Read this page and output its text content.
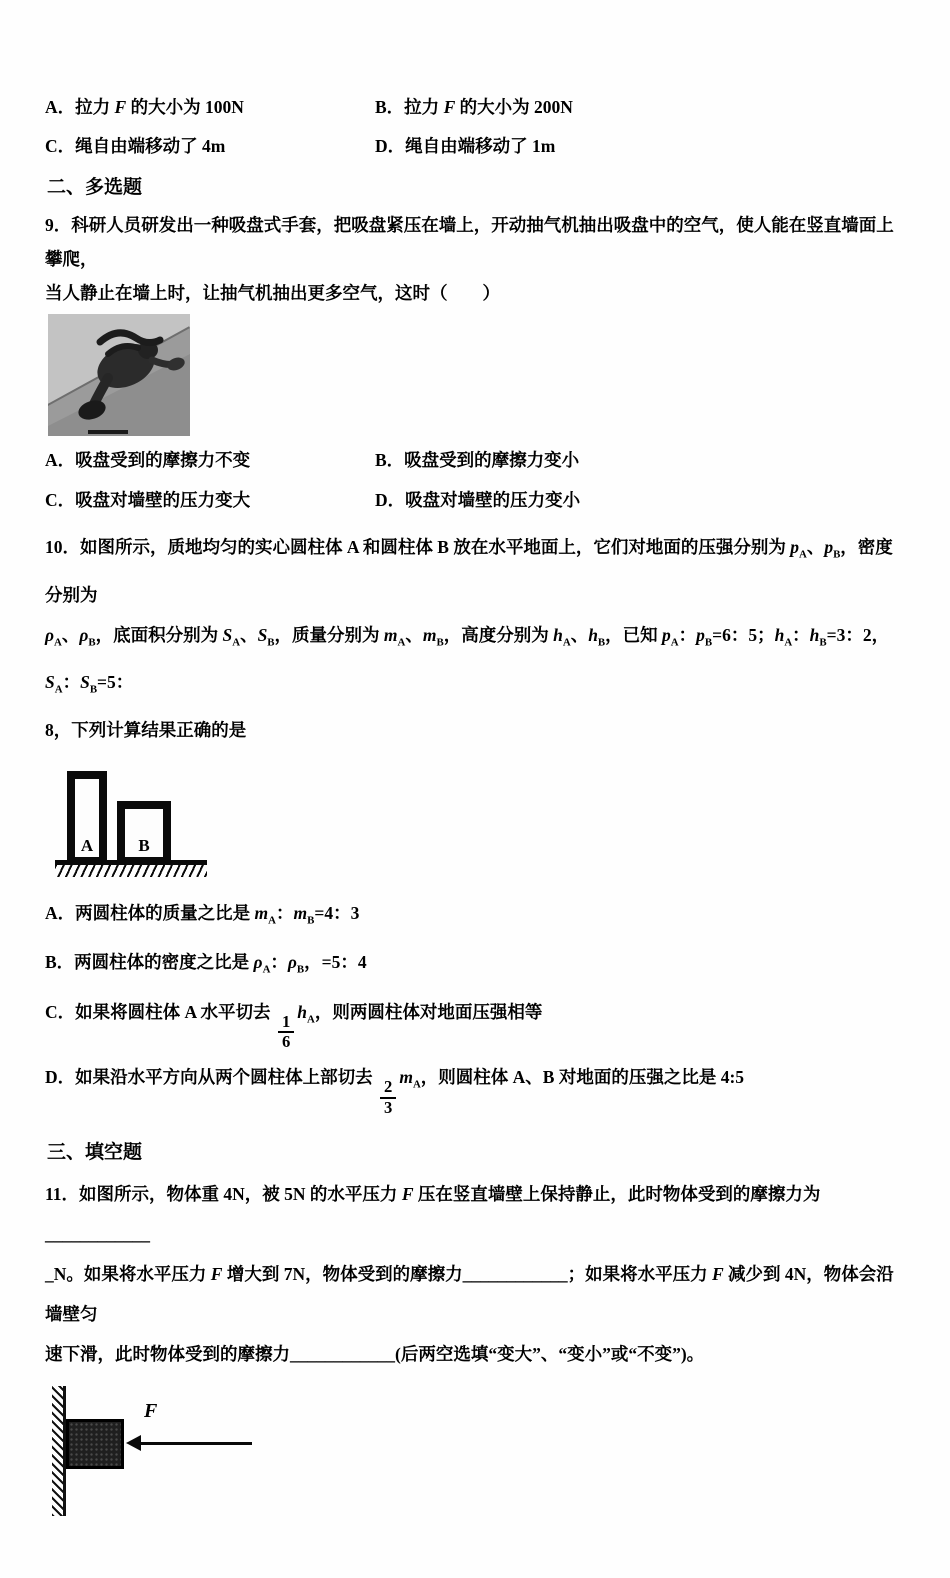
A．拉力 F 的大小为 100N	B．拉力 F 的大小为 200N
C．绳自由端移动了 4m	D．绳自由端移动了 1m
二、多选题

9．科研人员研发出一种吸盘式手套，把吸盘紧压在墙上，开动抽气机抽出吸盘中的空气，使人能在竖直墙面上攀爬，

当人静止在墙上时，让抽气机抽出更多空气，这时（　　）

A．吸盘受到的摩擦力不变	B．吸盘受到的摩擦力变小
C．吸盘对墙壁的压力变大	D．吸盘对墙壁的压力变小

10．如图所示，质地均匀的实心圆柱体 A 和圆柱体 B 放在水平地面上，它们对地面的压强分别为 $p_A$、$p_B$，密度分别为

$\rho_A$、$\rho_B$，底面积分别为 $S_A$、$S_B$，质量分别为 $m_A$、$m_B$，高度分别为 $h_A$、$h_B$，已知 $p_A$：$p_B=6$：5；$h_A$：$h_B=3$：2，$S_A$：$S_B=5$：

8，下列计算结果正确的是

A	B
A．两圆柱体的质量之比是 $m_A$：$m_B=4$：3
B．两圆柱体的密度之比是 $\rho_A$：$\rho_B$，=5：4
C．如果将圆柱体 A 水平切去
$\frac{1}{6}$
$h_A$，则两圆柱体对地面压强相等
D．如果沿水平方向从两个圆柱体上部切去
$\frac{2}{3}$
$m_A$，则圆柱体 A、B 对地面的压强之比是 4:5
三、填空题

11．如图所示，物体重 4N，被 5N 的水平压力 F 压在竖直墙壁上保持静止，此时物体受到的摩擦力为____________

_N。如果将水平压力 F 增大到 7N，物体受到的摩擦力____________；如果将水平压力 F 减少到 4N，物体会沿墙壁匀

速下滑，此时物体受到的摩擦力____________(后两空选填“变大”、“变小”或“不变”)。

F
